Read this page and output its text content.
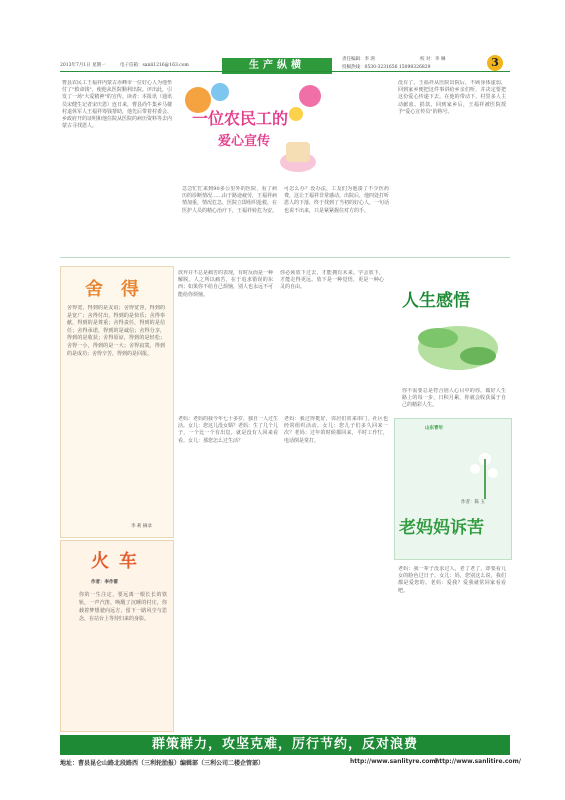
2013年7月1日 星期一	电子信箱：sanli1216@163.com	生产纵横
责任编辑：李 鸿	校 对：李 琳
投稿热线：0530-3231656 15098326829	3
曹县农民工王福祥内蒙古赤峰市一位好心人为他垫付了"救命钱"，使他从医院顺利出院。评出此，引发了一场"大爱精神"的宣传。读者：本报讯（通讯员宋健生记者宋庆恩）连日来，曹县尚牛集乡马楼村退休军人王福祥筹钱帮助，他先后带着村委会、乡政府开的证明和他住院从医院的病历资料等去内蒙古寻找恩人。	一位农民工的
爱心宣传
急急忙忙来到90多公里外的医院，看了病历的诊断情况……由于路途疲劳，王福祥病情加重，情况危急，医院立即组织抢救，在医护人员的精心治疗下，王福祥转危为安。
可怎么办？没办法，工友们为他凑了不少医药费，这让王福祥非常感动。出院后，他四处打听恩人的下落，终于找到了当初的好心人，一句话也说不出来，只是紧紧握住对方的手。
没有了。王福祥从医院出院后，不顾身体虚弱，回到家乡便把这件事讲给乡亲们听，并决定要把这份爱心传递下去。在他的带动下，村里多人主动献血、捐款。回到家乡后，王福祥被医院授予"爱心宣传员"的称号。
舍得
舍得宽，得到的是友谊；舍得宽容，得到的是宽广；舍得付出，得到的是快乐；舍得奉献，得到的是尊重；舍得责任，得到的是信任；舍得承诺，得到的是诚信；舍得分享，得到的是收获；舍得原谅，得到的是轻松；舍得一小，得到的是一大；舍得寂寞，得到的是成功；舍得辛苦，得到的是回报。
李 莉 摘录
放弃并不总是痛苦的表现，有时反而是一种解脱。人之所以痛苦，在于追求错误的东西；如果你不给自己烦恼，别人也永远不可能给你烦恼。
你必须放下过去，才能拥有未来。学会放下，才能走得更远。放下是一种觉悟，更是一种心灵的自由。
人生感悟
你不需要总是符合别人心目中的你。做好人生路上的每一步，日积月累，你就会收获属于自己的精彩人生。
火车
作者：李作雷
你的一生注定，要远离一根长长的铁轨，一声汽笛，唤醒了沉睡的村庄，你载着梦想驶向远方，留下一路风尘与思念，在站台上等待归来的身影。
老妈：老妈的我今年七十多岁，独自一人过生活。女儿：您这儿没女婿？老妈：生了几个儿子，一个比一个有出息，就是没有人回来看看。女儿：那您怎么过生活？
老妈：我过得挺好，邻居们常来串门，社区也经常组织活动。女儿：您儿子们多久回来一次？老妈：过年的时候都回来，平时工作忙，电话倒是常打。
山东青年
作者：陈 玉
老妈妈诉苦
老妈：我一辈子没求过人，老了老了，却要看儿女的脸色过日子。女儿：妈，您别这么说，我们都是爱您的。老妈：爱我？爱我就常回家看看吧。
群策群力，攻坚克难，厉行节约，反对浪费
地址：曹县昆仑山路北段路西（三利轮胎报）编辑部（三利公司二楼企管部）	http://www.sanlityre.com/
http://www.sanlitire.com/
